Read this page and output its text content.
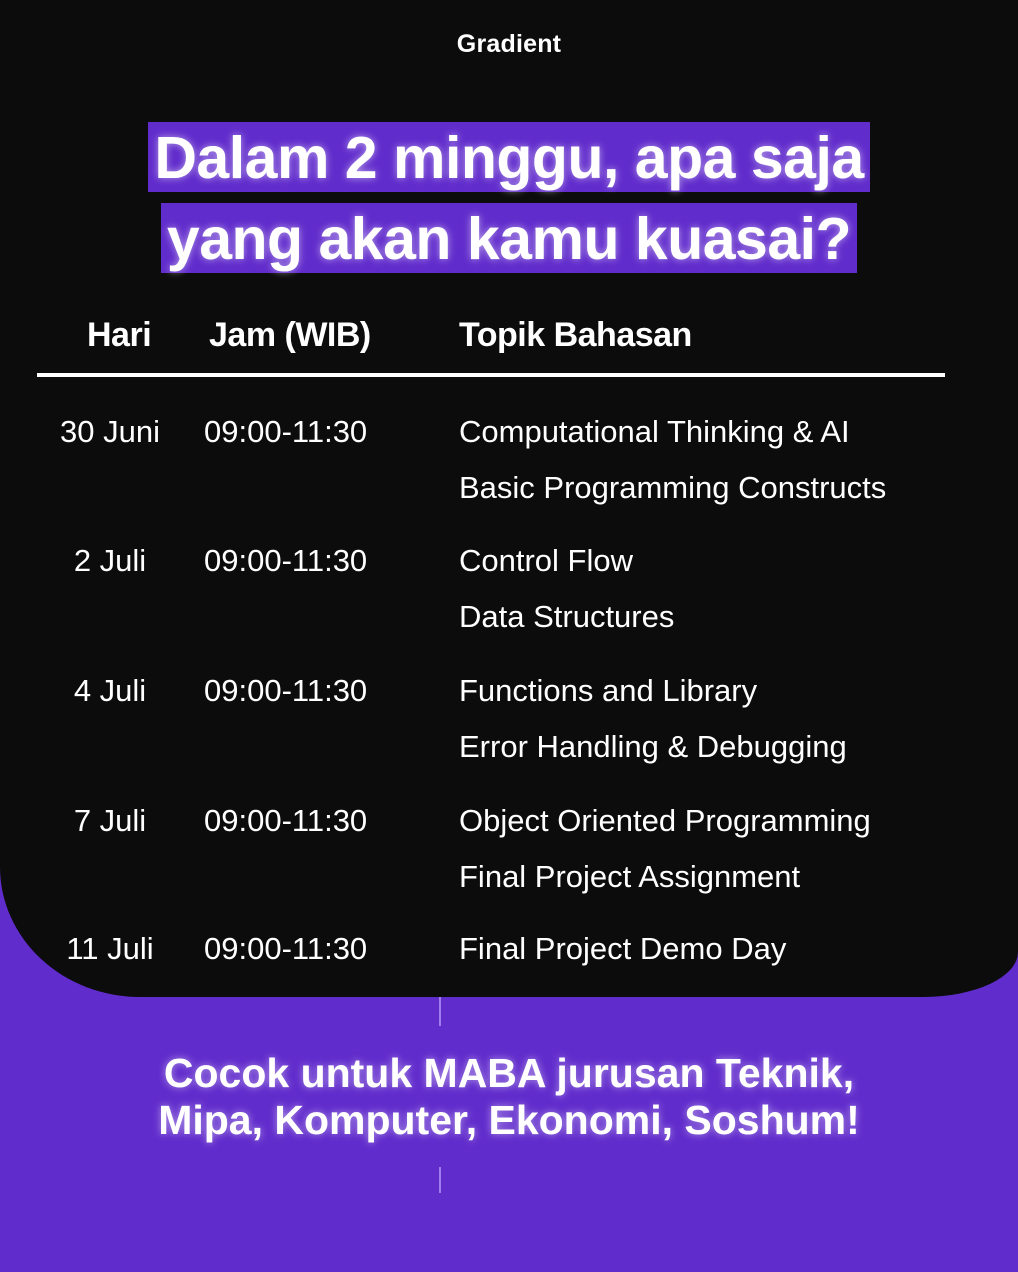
Gradient
Dalam 2 minggu, apa saja
yang akan kamu kuasai?
Hari Jam (WIB)	Topik Bahasan
30 Juni	09:00-11:30	Computational Thinking & AI
Basic Programming Constructs
2 Juli	09:00-11:30	Control Flow
Data Structures
4 Juli	09:00-11:30	Functions and Library
Error Handling & Debugging
7 Juli	09:00-11:30	Object Oriented Programming
Final Project Assignment
11 Juli	09:00-11:30	Final Project Demo Day
Cocok untuk MABA jurusan Teknik,
Mipa, Komputer, Ekonomi, Soshum!
